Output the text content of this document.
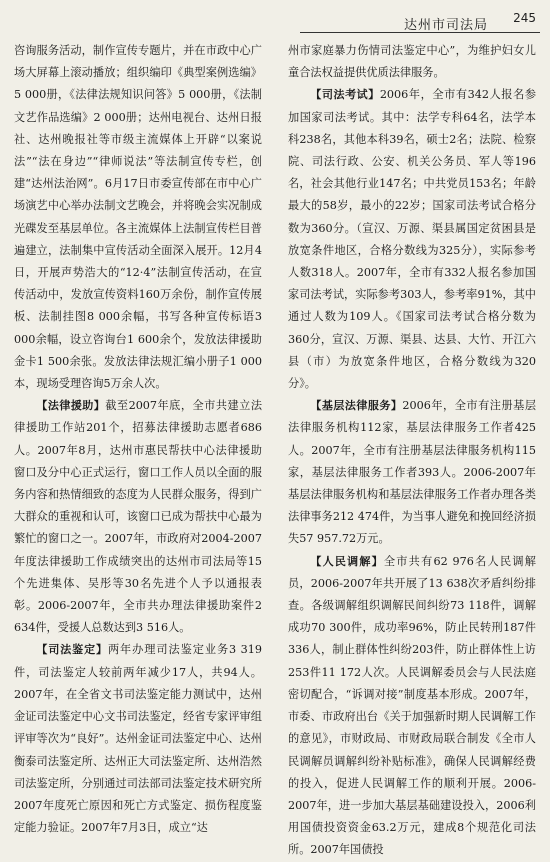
达州市司法局 245

咨询服务活动，制作宣传专题片，并在市政中心广场大屏幕上滚动播放；组织编印《典型案例选编》5 000册，《法律法规知识问答》5 000册，《法制文艺作品选编》2 000册；达州电视台、达州日报社、达州晚报社等市级主流媒体上开辟“以案说法”“法在身边”“律师说法”等法制宣传专栏，创建“达州法治网”。6月17日市委宣传部在市中心广场演艺中心举办法制文艺晚会，并将晚会实况制成光碟发至基层单位。各主流媒体上法制宣传栏目普遍建立，法制集中宣传活动全面深入展开。12月4日，开展声势浩大的“12·4”法制宣传活动，在宣传活动中，发放宣传资料160万余份，制作宣传展板、法制挂图8 000余幅，书写各种宣传标语3 000余幅，设立咨询台1 600余个，发放法律援助金卡1 500余张。发放法律法规汇编小册子1 000本，现场受理咨询5万余人次。

【法律援助】截至2007年底，全市共建立法律援助工作站201个，招募法律援助志愿者686人。2007年8月，达州市惠民帮扶中心法律援助窗口及分中心正式运行，窗口工作人员以全面的服务内容和热情细致的态度为人民群众服务，得到广大群众的重视和认可，该窗口已成为帮扶中心最为繁忙的窗口之一。2007年，市政府对2004-2007年度法律援助工作成绩突出的达州市司法局等15个先进集体、吴彤等30名先进个人予以通报表彰。2006-2007年，全市共办理法律援助案件2 634件，受援人总数达到3 516人。

【司法鉴定】两年办理司法鉴定业务3 319件，司法鉴定人较前两年减少17人，共94人。2007年，在全省文书司法鉴定能力测试中，达州金证司法鉴定中心文书司法鉴定，经省专家评审组评审等次为“良好”。达州金证司法鉴定中心、达州衡泰司法鉴定所、达州正大司法鉴定所、达州浩然司法鉴定所，分别通过司法部司法鉴定技术研究所2007年度死亡原因和死亡方式鉴定、损伤程度鉴定能力验证。2007年7月3日，成立“达

州市家庭暴力伤情司法鉴定中心”，为维护妇女儿童合法权益提供优质法律服务。

【司法考试】2006年，全市有342人报名参加国家司法考试。其中：法学专科64名，法学本科238名，其他本科39名，硕士2名；法院、检察院、司法行政、公安、机关公务员、军人等196名，社会其他行业147名；中共党员153名；年龄最大的58岁，最小的22岁；国家司法考试合格分数为360分。（宣汉、万源、渠县属国定贫困县是放宽条件地区，合格分数线为325分），实际参考人数318人。2007年，全市有332人报名参加国家司法考试，实际参考303人，参考率91%，其中通过人数为109人。《国家司法考试合格分数为360分，宣汉、万源、渠县、达县、大竹、开江六县（市）为放宽条件地区，合格分数线为320分》。

【基层法律服务】2006年，全市有注册基层法律服务机构112家，基层法律服务工作者425人。2007年，全市有注册基层法律服务机构115家，基层法律服务工作者393人。2006-2007年基层法律服务机构和基层法律服务工作者办理各类法律事务212 474件，为当事人避免和挽回经济损失57 957.72万元。

【人民调解】全市共有62 976名人民调解员，2006-2007年共开展了13 638次矛盾纠纷排查。各级调解组织调解民间纠纷73 118件，调解成功70 300件，成功率96%，防止民转刑187件336人，制止群体性纠纷203件，防止群体性上访253件11 172人次。人民调解委员会与人民法庭密切配合，“诉调对接”制度基本形成。2007年，市委、市政府出台《关于加强新时期人民调解工作的意见》，市财政局、市财政局联合制发《全市人民调解员调解纠纷补贴标准》，确保人民调解经费的投入，促进人民调解工作的顺利开展。2006-2007年，进一步加大基层基础建设投入，2006利用国债投资资金63.2万元，建成8个规范化司法所。2007年国债投
